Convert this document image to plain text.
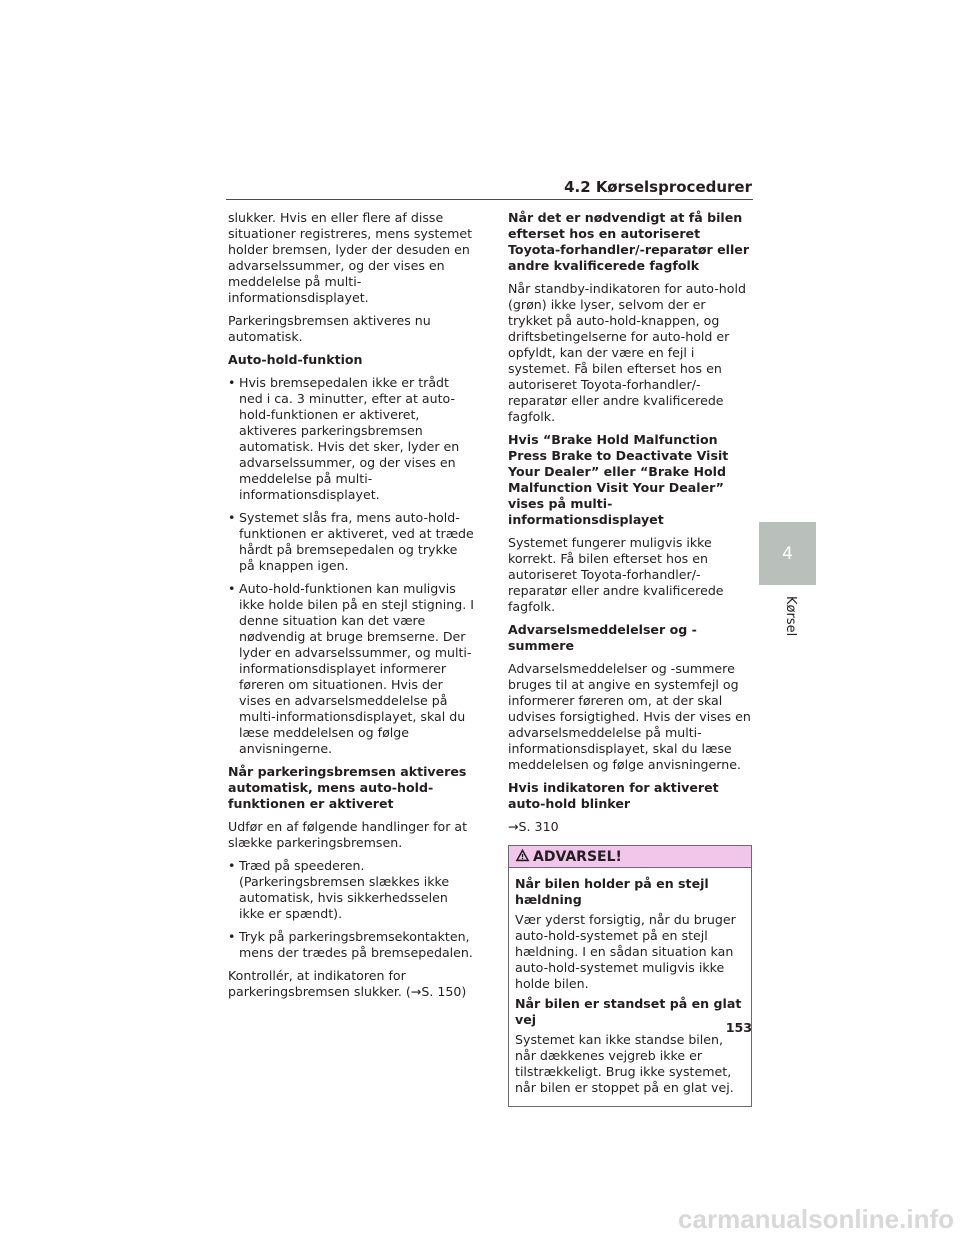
4.2 Kørselsprocedurer
slukker. Hvis en eller flere af disse situationer registreres, mens systemet holder bremsen, lyder der desuden en advarselssummer, og der vises en meddelelse på multi-informationsdisplayet.
Parkeringsbremsen aktiveres nu automatisk.
Auto-hold-funktion
• Hvis bremsepedalen ikke er trådt ned i ca. 3 minutter, efter at auto-hold-funktionen er aktiveret, aktiveres parkeringsbremsen automatisk. Hvis det sker, lyder en advarselssummer, og der vises en meddelelse på multi-informationsdisplayet.
• Systemet slås fra, mens auto-hold-funktionen er aktiveret, ved at træde hårdt på bremsepedalen og trykke på knappen igen.
• Auto-hold-funktionen kan muligvis ikke holde bilen på en stejl stigning. I denne situation kan det være nødvendig at bruge bremserne. Der lyder en advarselssummer, og multi-informationsdisplayet informerer føreren om situationen. Hvis der vises en advarselsmeddelelse på multi-informationsdisplayet, skal du læse meddelelsen og følge anvisningerne.
Når parkeringsbremsen aktiveres automatisk, mens auto-hold-funktionen er aktiveret
Udfør en af følgende handlinger for at slække parkeringsbremsen.
• Træd på speederen. (Parkeringsbremsen slækkes ikke automatisk, hvis sikkerhedsselen ikke er spændt).
• Tryk på parkeringsbremsekontakten, mens der trædes på bremsepedalen.
Kontrollér, at indikatoren for parkeringsbremsen slukker. (→S. 150)
Når det er nødvendigt at få bilen efterset hos en autoriseret Toyota-forhandler/-reparatør eller andre kvalificerede fagfolk
Når standby-indikatoren for auto-hold (grøn) ikke lyser, selvom der er trykket på auto-hold-knappen, og driftsbetingelserne for auto-hold er opfyldt, kan der være en fejl i systemet. Få bilen efterset hos en autoriseret Toyota-forhandler/-reparatør eller andre kvalificerede fagfolk.
Hvis “Brake Hold Malfunction Press Brake to Deactivate Visit Your Dealer” eller “Brake Hold Malfunction Visit Your Dealer” vises på multi-informationsdisplayet
Systemet fungerer muligvis ikke korrekt. Få bilen efterset hos en autoriseret Toyota-forhandler/-reparatør eller andre kvalificerede fagfolk.
Advarselsmeddelelser og -summere
Advarselsmeddelelser og -summere bruges til at angive en systemfejl og informerer føreren om, at der skal udvises forsigtighed. Hvis der vises en advarselsmeddelelse på multi-informationsdisplayet, skal du læse meddelelsen og følge anvisningerne.
Hvis indikatoren for aktiveret auto-hold blinker
→S. 310
ADVARSEL!
Når bilen holder på en stejl hældning
Vær yderst forsigtig, når du bruger auto-hold-systemet på en stejl hældning. I en sådan situation kan auto-hold-systemet muligvis ikke holde bilen.
Når bilen er standset på en glat vej
Systemet kan ikke standse bilen, når dækkenes vejgreb ikke er tilstrækkeligt. Brug ikke systemet, når bilen er stoppet på en glat vej.
4
Kørsel
153
carmanualsonline.info
